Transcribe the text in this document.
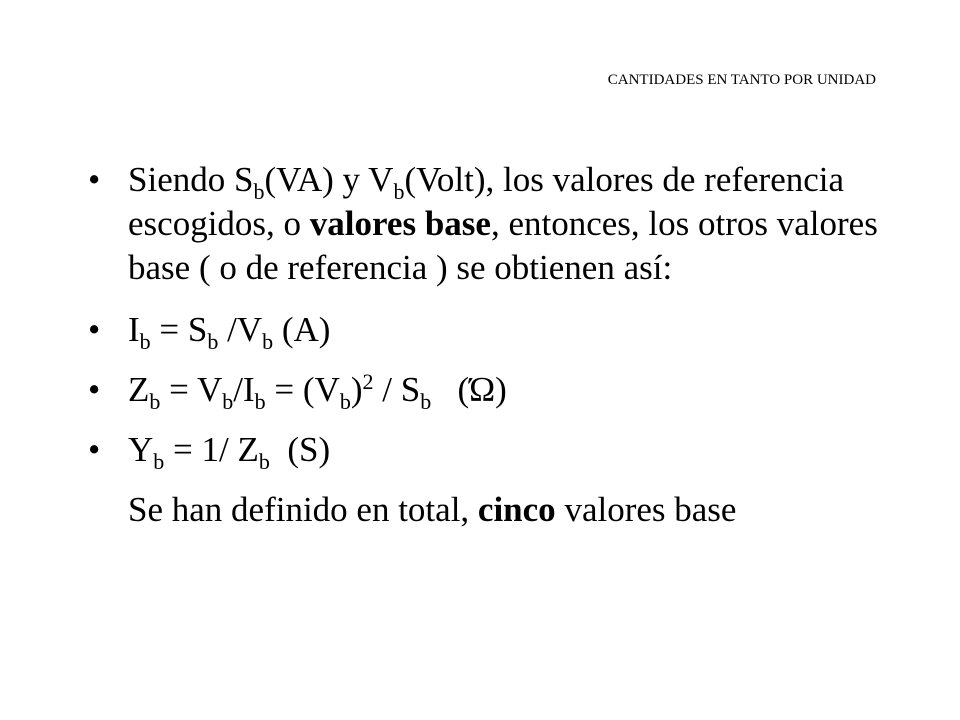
CANTIDADES EN TANTO POR UNIDAD
• Siendo $S_b(VA)$ y $V_b(Volt)$, los valores de referencia escogidos, o valores base, entonces, los otros valores base ( o de referencia ) se obtienen así:
• $I_b = S_b$ $/V_b$ (A)
• $Z_b = V_b/I_b = (V_b)^2 / S_b$   (Ώ)
• $Y_b = 1/$ $Z_b$  (S)
Se han definido en total, cinco valores base
